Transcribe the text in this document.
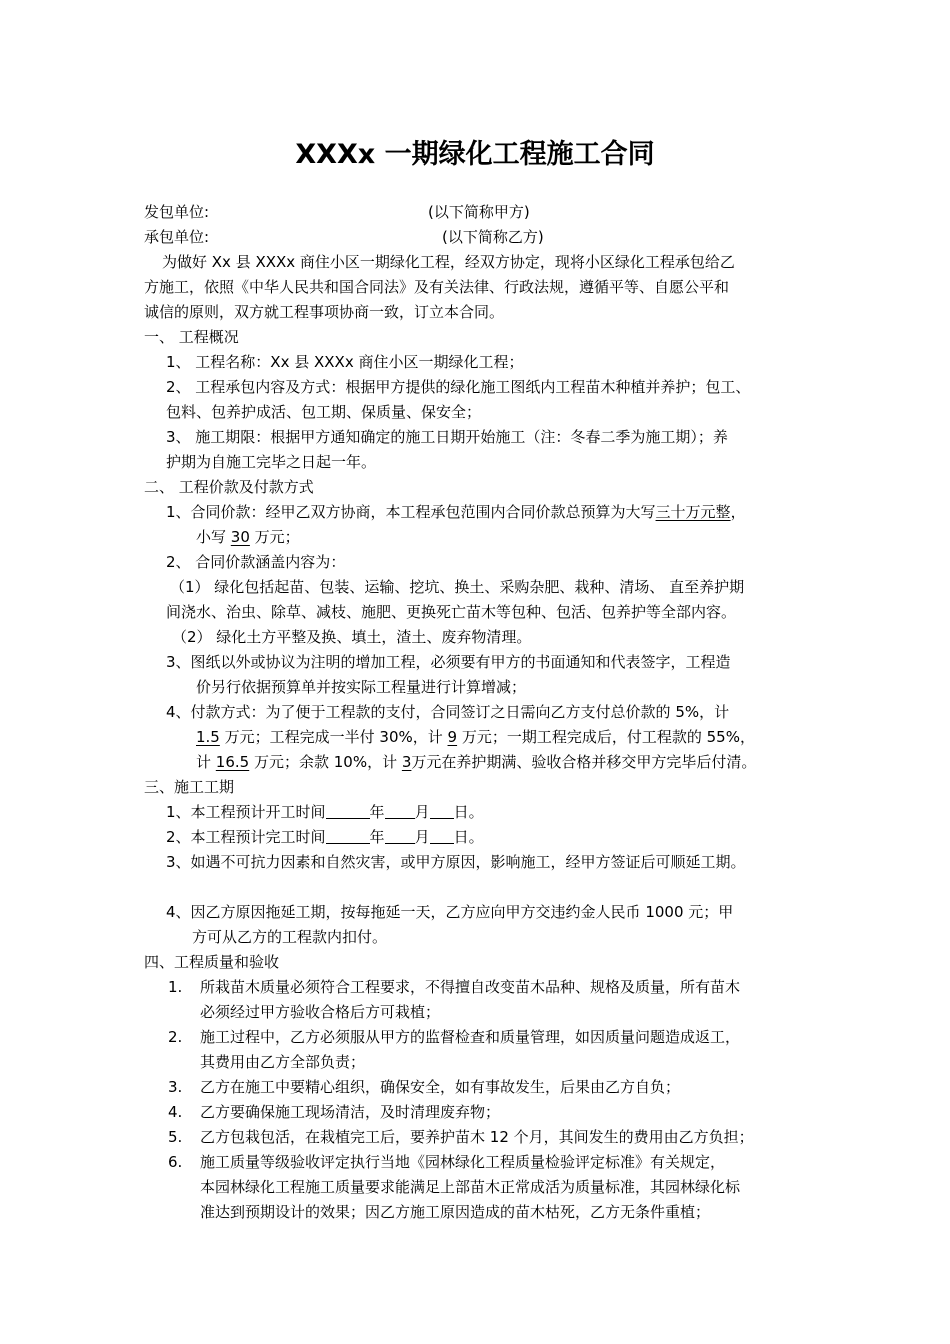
XXXx 一期绿化工程施工合同
发包单位:	(以下简称甲方)
承包单位:	(以下简称乙方)
为做好 Xx 县 XXXx 商住小区一期绿化工程，经双方协定，现将小区绿化工程承包给乙
方施工，依照《中华人民共和国合同法》及有关法律、行政法规，遵循平等、自愿公平和
诚信的原则，双方就工程事项协商一致，订立本合同。
一、 工程概况
1、 工程名称：Xx 县 XXXx 商住小区一期绿化工程；
2、 工程承包内容及方式：根据甲方提供的绿化施工图纸内工程苗木种植并养护；包工、
包料、包养护成活、包工期、保质量、保安全；
3、 施工期限：根据甲方通知确定的施工日期开始施工（注：冬春二季为施工期）；养
护期为自施工完毕之日起一年。
二、 工程价款及付款方式
1、合同价款：经甲乙双方协商，本工程承包范围内合同价款总预算为大写三十万元整，
小写 30 万元；
2、 合同价款涵盖内容为：
（1） 绿化包括起苗、包装、运输、挖坑、换土、采购杂肥、栽种、清场、 直至养护期
间浇水、治虫、除草、减枝、施肥、更换死亡苗木等包种、包活、包养护等全部内容。
（2） 绿化土方平整及换、填土，渣土、废弃物清理。
3、图纸以外或协议为注明的增加工程，必须要有甲方的书面通知和代表签字，工程造
价另行依据预算单并按实际工程量进行计算增减；
4、付款方式：为了便于工程款的支付，合同签订之日需向乙方支付总价款的 5%，计
1.5 万元；工程完成一半付 30%，计 9 万元；一期工程完成后，付工程款的 55%，
计 16.5 万元；余款 10%，计 3万元在养护期满、验收合格并移交甲方完毕后付清。
三、施工工期
1、本工程预计开工时间	年 月 日。
2、本工程预计完工时间	年 月 日。
3、如遇不可抗力因素和自然灾害，或甲方原因，影响施工，经甲方签证后可顺延工期。
4、因乙方原因拖延工期，按每拖延一天，乙方应向甲方交违约金人民币 1000 元；甲
方可从乙方的工程款内扣付。
四、工程质量和验收
1. 所栽苗木质量必须符合工程要求，不得擅自改变苗木品种、规格及质量，所有苗木
必须经过甲方验收合格后方可栽植；
2. 施工过程中，乙方必须服从甲方的监督检查和质量管理，如因质量问题造成返工，
其费用由乙方全部负责；
3. 乙方在施工中要精心组织，确保安全，如有事故发生，后果由乙方自负；
4. 乙方要确保施工现场清洁，及时清理废弃物；
5. 乙方包栽包活，在栽植完工后，要养护苗木 12 个月，其间发生的费用由乙方负担；
6. 施工质量等级验收评定执行当地《园林绿化工程质量检验评定标准》有关规定，
本园林绿化工程施工质量要求能满足上部苗木正常成活为质量标准，其园林绿化标
准达到预期设计的效果；因乙方施工原因造成的苗木枯死，乙方无条件重植；
